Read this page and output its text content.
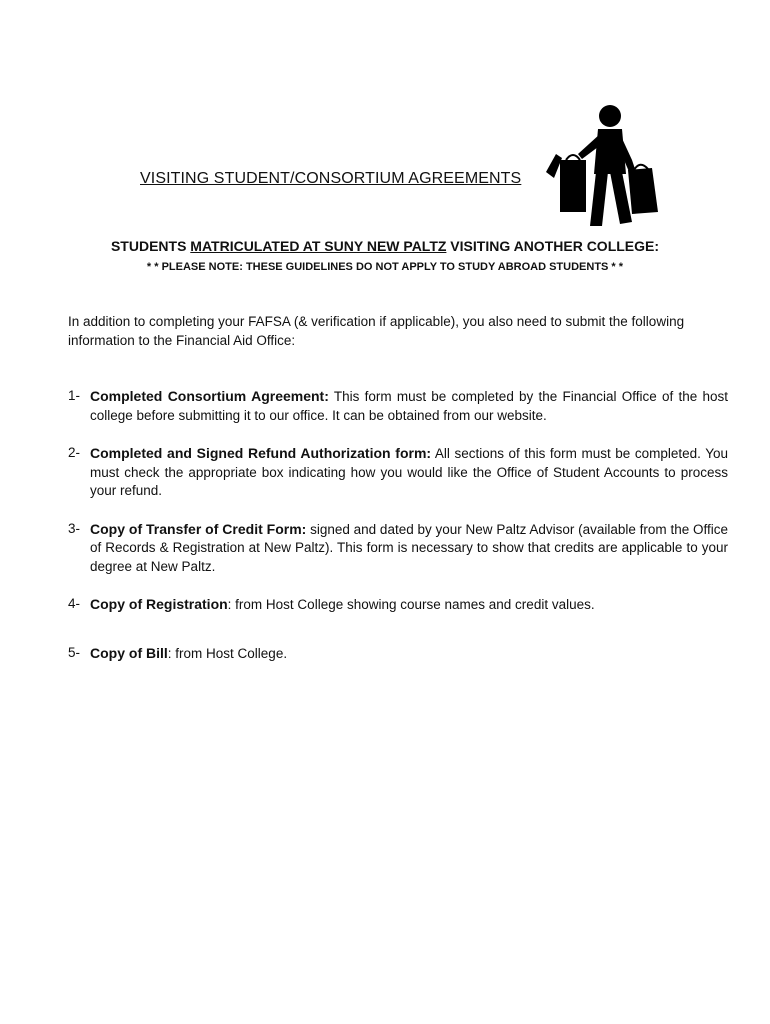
VISITING STUDENT/CONSORTIUM AGREEMENTS
STUDENTS MATRICULATED AT SUNY NEW PALTZ VISITING ANOTHER COLLEGE:
* * PLEASE NOTE: THESE GUIDELINES DO NOT APPLY TO STUDY ABROAD STUDENTS * *

In addition to completing your FAFSA (& verification if applicable), you also need to submit the following information to the Financial Aid Office:

1- Completed Consortium Agreement: This form must be completed by the Financial Office of the host college before submitting it to our office. It can be obtained from our website.
2- Completed and Signed Refund Authorization form: All sections of this form must be completed. You must check the appropriate box indicating how you would like the Office of Student Accounts to process your refund.
3- Copy of Transfer of Credit Form: signed and dated by your New Paltz Advisor (available from the Office of Records & Registration at New Paltz). This form is necessary to show that credits are applicable to your degree at New Paltz.
4- Copy of Registration: from Host College showing course names and credit values.
5- Copy of Bill: from Host College.
